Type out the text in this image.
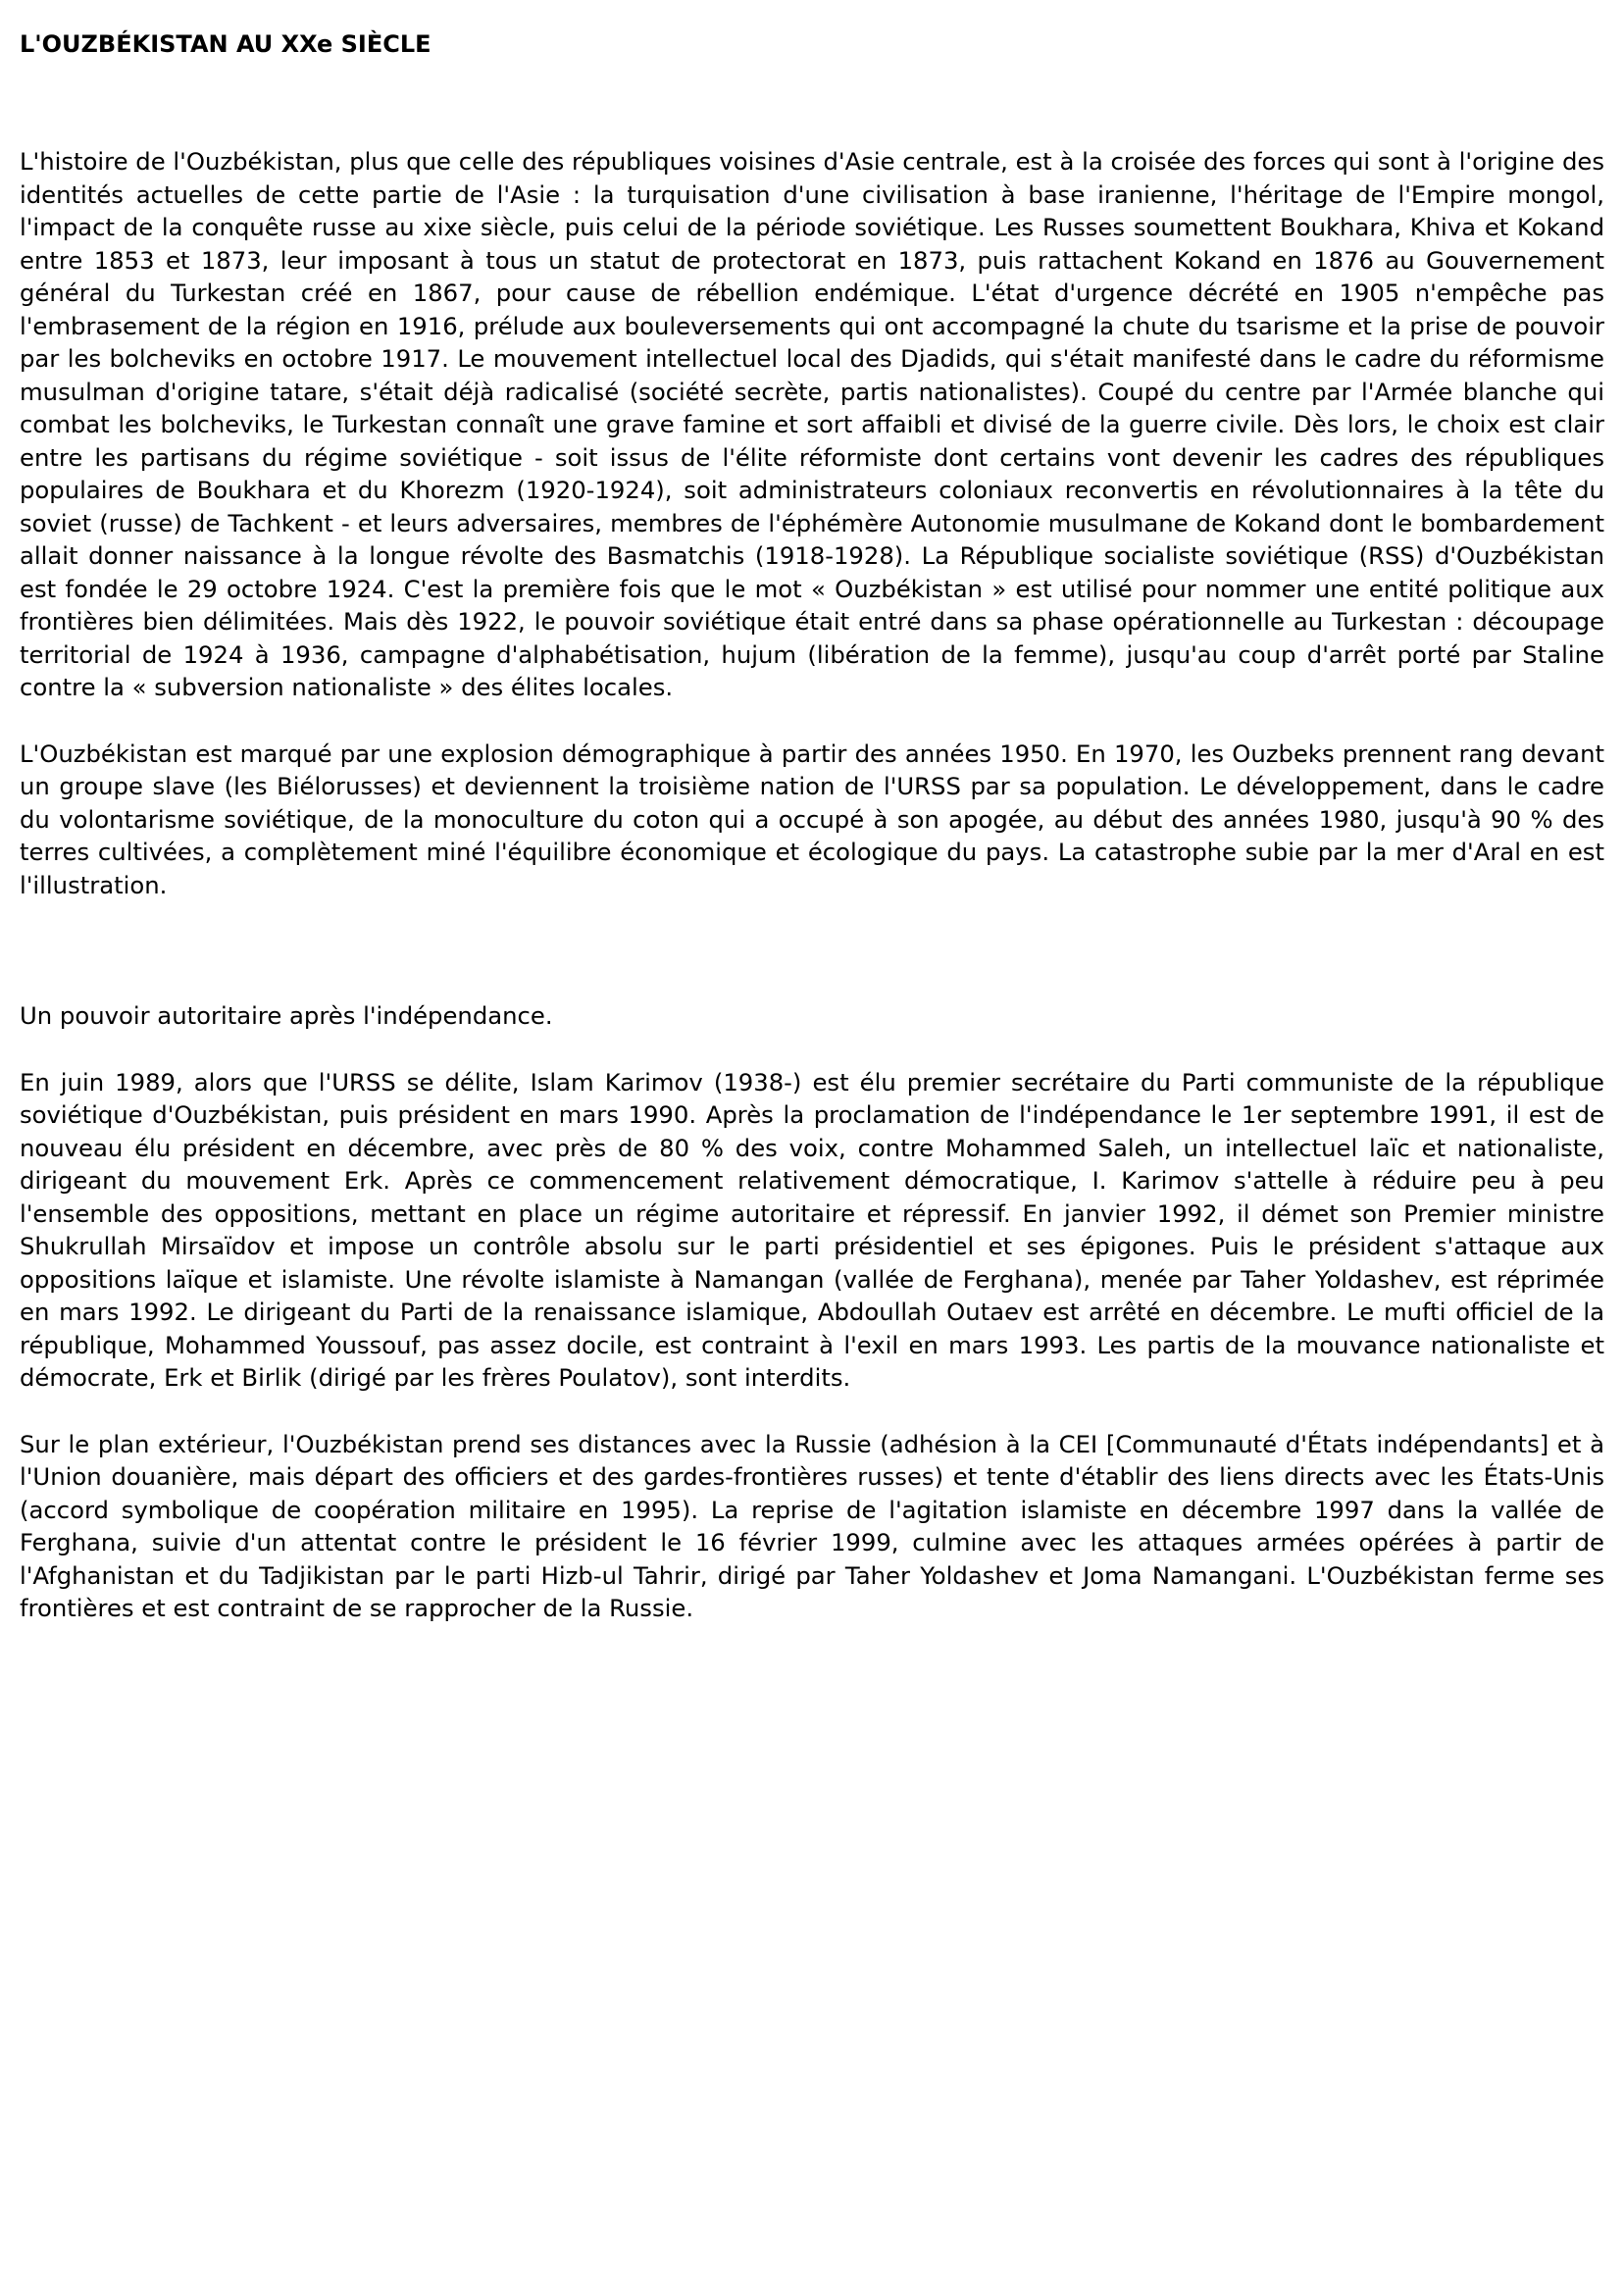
L'OUZBÉKISTAN AU XXe SIÈCLE

L'histoire de l'Ouzbékistan, plus que celle des républiques voisines d'Asie centrale, est à la croisée des forces qui sont à l'origine des identités actuelles de cette partie de l'Asie : la turquisation d'une civilisation à base iranienne, l'héritage de l'Empire mongol, l'impact de la conquête russe au xixe siècle, puis celui de la période soviétique. Les Russes soumettent Boukhara, Khiva et Kokand entre 1853 et 1873, leur imposant à tous un statut de protectorat en 1873, puis rattachent Kokand en 1876 au Gouvernement général du Turkestan créé en 1867, pour cause de rébellion endémique. L'état d'urgence décrété en 1905 n'empêche pas l'embrasement de la région en 1916, prélude aux bouleversements qui ont accompagné la chute du tsarisme et la prise de pouvoir par les bolcheviks en octobre 1917. Le mouvement intellectuel local des Djadids, qui s'était manifesté dans le cadre du réformisme musulman d'origine tatare, s'était déjà radicalisé (société secrète, partis nationalistes). Coupé du centre par l'Armée blanche qui combat les bolcheviks, le Turkestan connaît une grave famine et sort affaibli et divisé de la guerre civile. Dès lors, le choix est clair entre les partisans du régime soviétique - soit issus de l'élite réformiste dont certains vont devenir les cadres des républiques populaires de Boukhara et du Khorezm (1920-1924), soit administrateurs coloniaux reconvertis en révolutionnaires à la tête du soviet (russe) de Tachkent - et leurs adversaires, membres de l'éphémère Autonomie musulmane de Kokand dont le bombardement allait donner naissance à la longue révolte des Basmatchis (1918-1928). La République socialiste soviétique (RSS) d'Ouzbékistan est fondée le 29 octobre 1924. C'est la première fois que le mot « Ouzbékistan » est utilisé pour nommer une entité politique aux frontières bien délimitées. Mais dès 1922, le pouvoir soviétique était entré dans sa phase opérationnelle au Turkestan : découpage territorial de 1924 à 1936, campagne d'alphabétisation, hujum (libération de la femme), jusqu'au coup d'arrêt porté par Staline contre la « subversion nationaliste » des élites locales.

L'Ouzbékistan est marqué par une explosion démographique à partir des années 1950. En 1970, les Ouzbeks prennent rang devant un groupe slave (les Biélorusses) et deviennent la troisième nation de l'URSS par sa population. Le développement, dans le cadre du volontarisme soviétique, de la monoculture du coton qui a occupé à son apogée, au début des années 1980, jusqu'à 90 % des terres cultivées, a complètement miné l'équilibre économique et écologique du pays. La catastrophe subie par la mer d'Aral en est l'illustration.

Un pouvoir autoritaire après l'indépendance.

En juin 1989, alors que l'URSS se délite, Islam Karimov (1938-) est élu premier secrétaire du Parti communiste de la république soviétique d'Ouzbékistan, puis président en mars 1990. Après la proclamation de l'indépendance le 1er septembre 1991, il est de nouveau élu président en décembre, avec près de 80 % des voix, contre Mohammed Saleh, un intellectuel laïc et nationaliste, dirigeant du mouvement Erk. Après ce commencement relativement démocratique, I. Karimov s'attelle à réduire peu à peu l'ensemble des oppositions, mettant en place un régime autoritaire et répressif. En janvier 1992, il démet son Premier ministre Shukrullah Mirsaïdov et impose un contrôle absolu sur le parti présidentiel et ses épigones. Puis le président s'attaque aux oppositions laïque et islamiste. Une révolte islamiste à Namangan (vallée de Ferghana), menée par Taher Yoldashev, est réprimée en mars 1992. Le dirigeant du Parti de la renaissance islamique, Abdoullah Outaev est arrêté en décembre. Le mufti officiel de la république, Mohammed Youssouf, pas assez docile, est contraint à l'exil en mars 1993. Les partis de la mouvance nationaliste et démocrate, Erk et Birlik (dirigé par les frères Poulatov), sont interdits.

Sur le plan extérieur, l'Ouzbékistan prend ses distances avec la Russie (adhésion à la CEI [Communauté d'États indépendants] et à l'Union douanière, mais départ des officiers et des gardes-frontières russes) et tente d'établir des liens directs avec les États-Unis (accord symbolique de coopération militaire en 1995). La reprise de l'agitation islamiste en décembre 1997 dans la vallée de Ferghana, suivie d'un attentat contre le président le 16 février 1999, culmine avec les attaques armées opérées à partir de l'Afghanistan et du Tadjikistan par le parti Hizb-ul Tahrir, dirigé par Taher Yoldashev et Joma Namangani. L'Ouzbékistan ferme ses frontières et est contraint de se rapprocher de la Russie.
